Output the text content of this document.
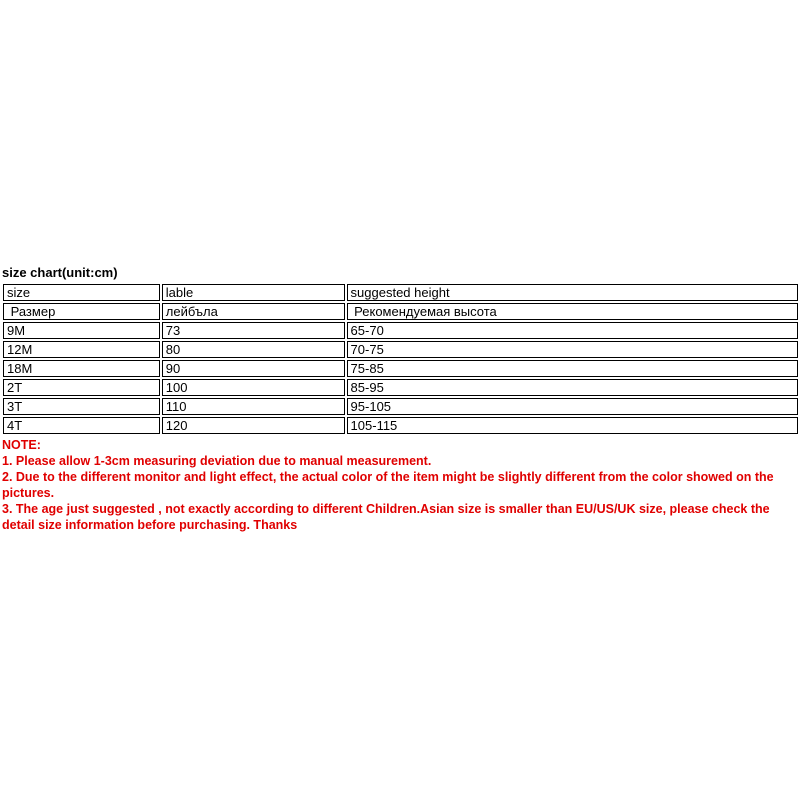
size chart(unit:cm)
size	lable	suggested height
Размер	лейбъла	Рекомендуемая высота
9M	73	65-70
12M	80	70-75
18M	90	75-85
2T	100	85-95
3T	110	95-105
4T	120	105-115

NOTE:

1. Please allow 1-3cm measuring deviation due to manual measurement.

2. Due to the different monitor and light effect, the actual color of the item might be slightly different from the color showed on the pictures.

3. The age just suggested , not exactly according to different Children.Asian size is smaller than EU/US/UK size, please check the detail size information before purchasing. Thanks
